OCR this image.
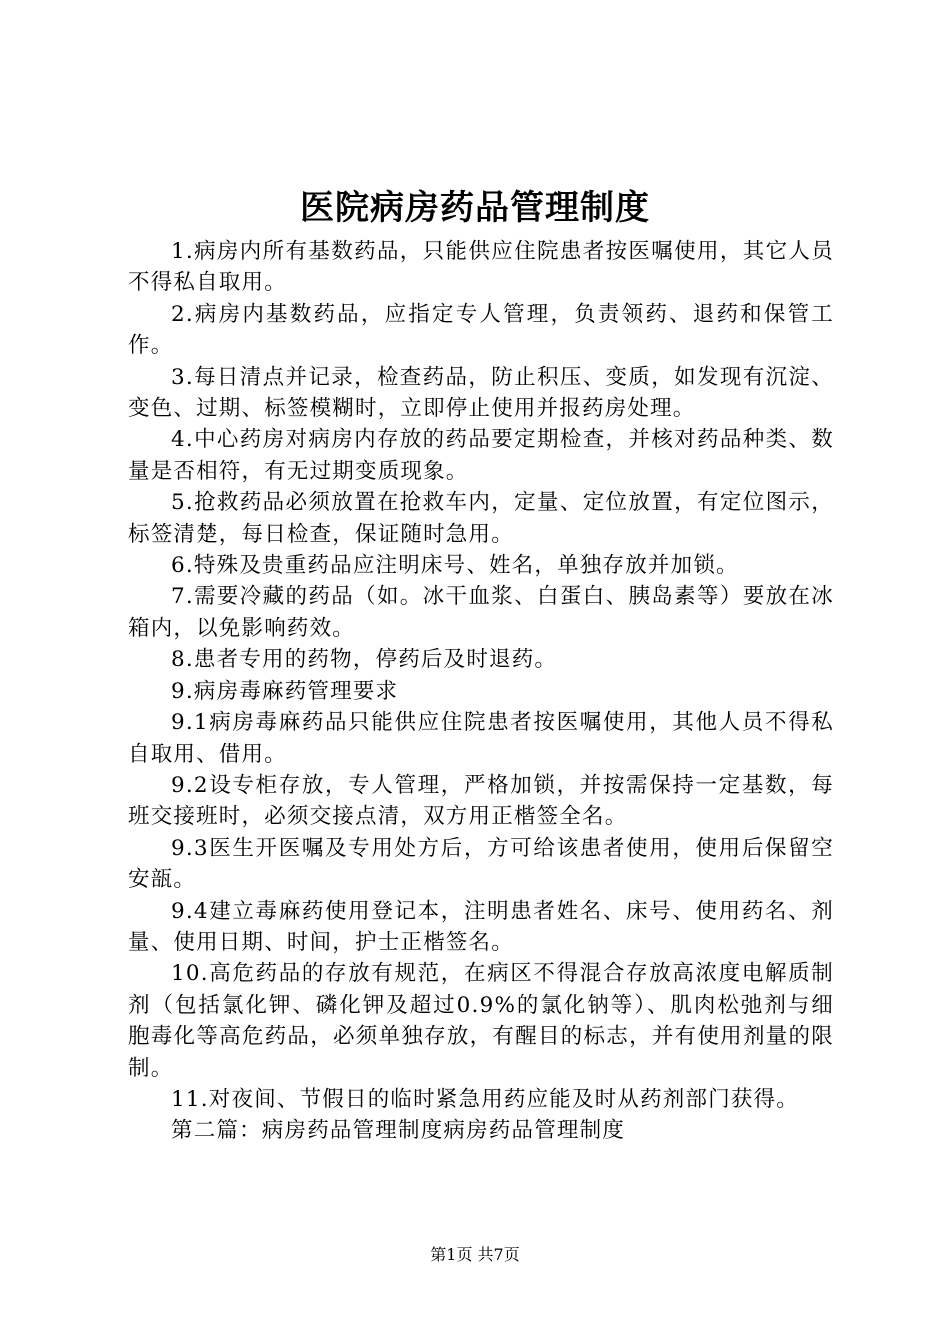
医院病房药品管理制度

1.病房内所有基数药品，只能供应住院患者按医嘱使用，其它人员不得私自取用。

2.病房内基数药品，应指定专人管理，负责领药、退药和保管工作。

3.每日清点并记录，检查药品，防止积压、变质，如发现有沉淀、变色、过期、标签模糊时，立即停止使用并报药房处理。

4.中心药房对病房内存放的药品要定期检查，并核对药品种类、数量是否相符，有无过期变质现象。

5.抢救药品必须放置在抢救车内，定量、定位放置，有定位图示，标签清楚，每日检查，保证随时急用。

6.特殊及贵重药品应注明床号、姓名，单独存放并加锁。

7.需要冷藏的药品（如。冰干血浆、白蛋白、胰岛素等）要放在冰箱内，以免影响药效。

8.患者专用的药物，停药后及时退药。

9.病房毒麻药管理要求

9.1病房毒麻药品只能供应住院患者按医嘱使用，其他人员不得私自取用、借用。

9.2设专柜存放，专人管理，严格加锁，并按需保持一定基数，每班交接班时，必须交接点清，双方用正楷签全名。

9.3医生开医嘱及专用处方后，方可给该患者使用，使用后保留空安瓿。

9.4建立毒麻药使用登记本，注明患者姓名、床号、使用药名、剂量、使用日期、时间，护士正楷签名。

10.高危药品的存放有规范，在病区不得混合存放高浓度电解质制剂（包括氯化钾、磷化钾及超过0.9%的氯化钠等）、肌肉松弛剂与细胞毒化等高危药品，必须单独存放，有醒目的标志，并有使用剂量的限制。

11.对夜间、节假日的临时紧急用药应能及时从药剂部门获得。

第二篇：病房药品管理制度病房药品管理制度

第1页 共7页
